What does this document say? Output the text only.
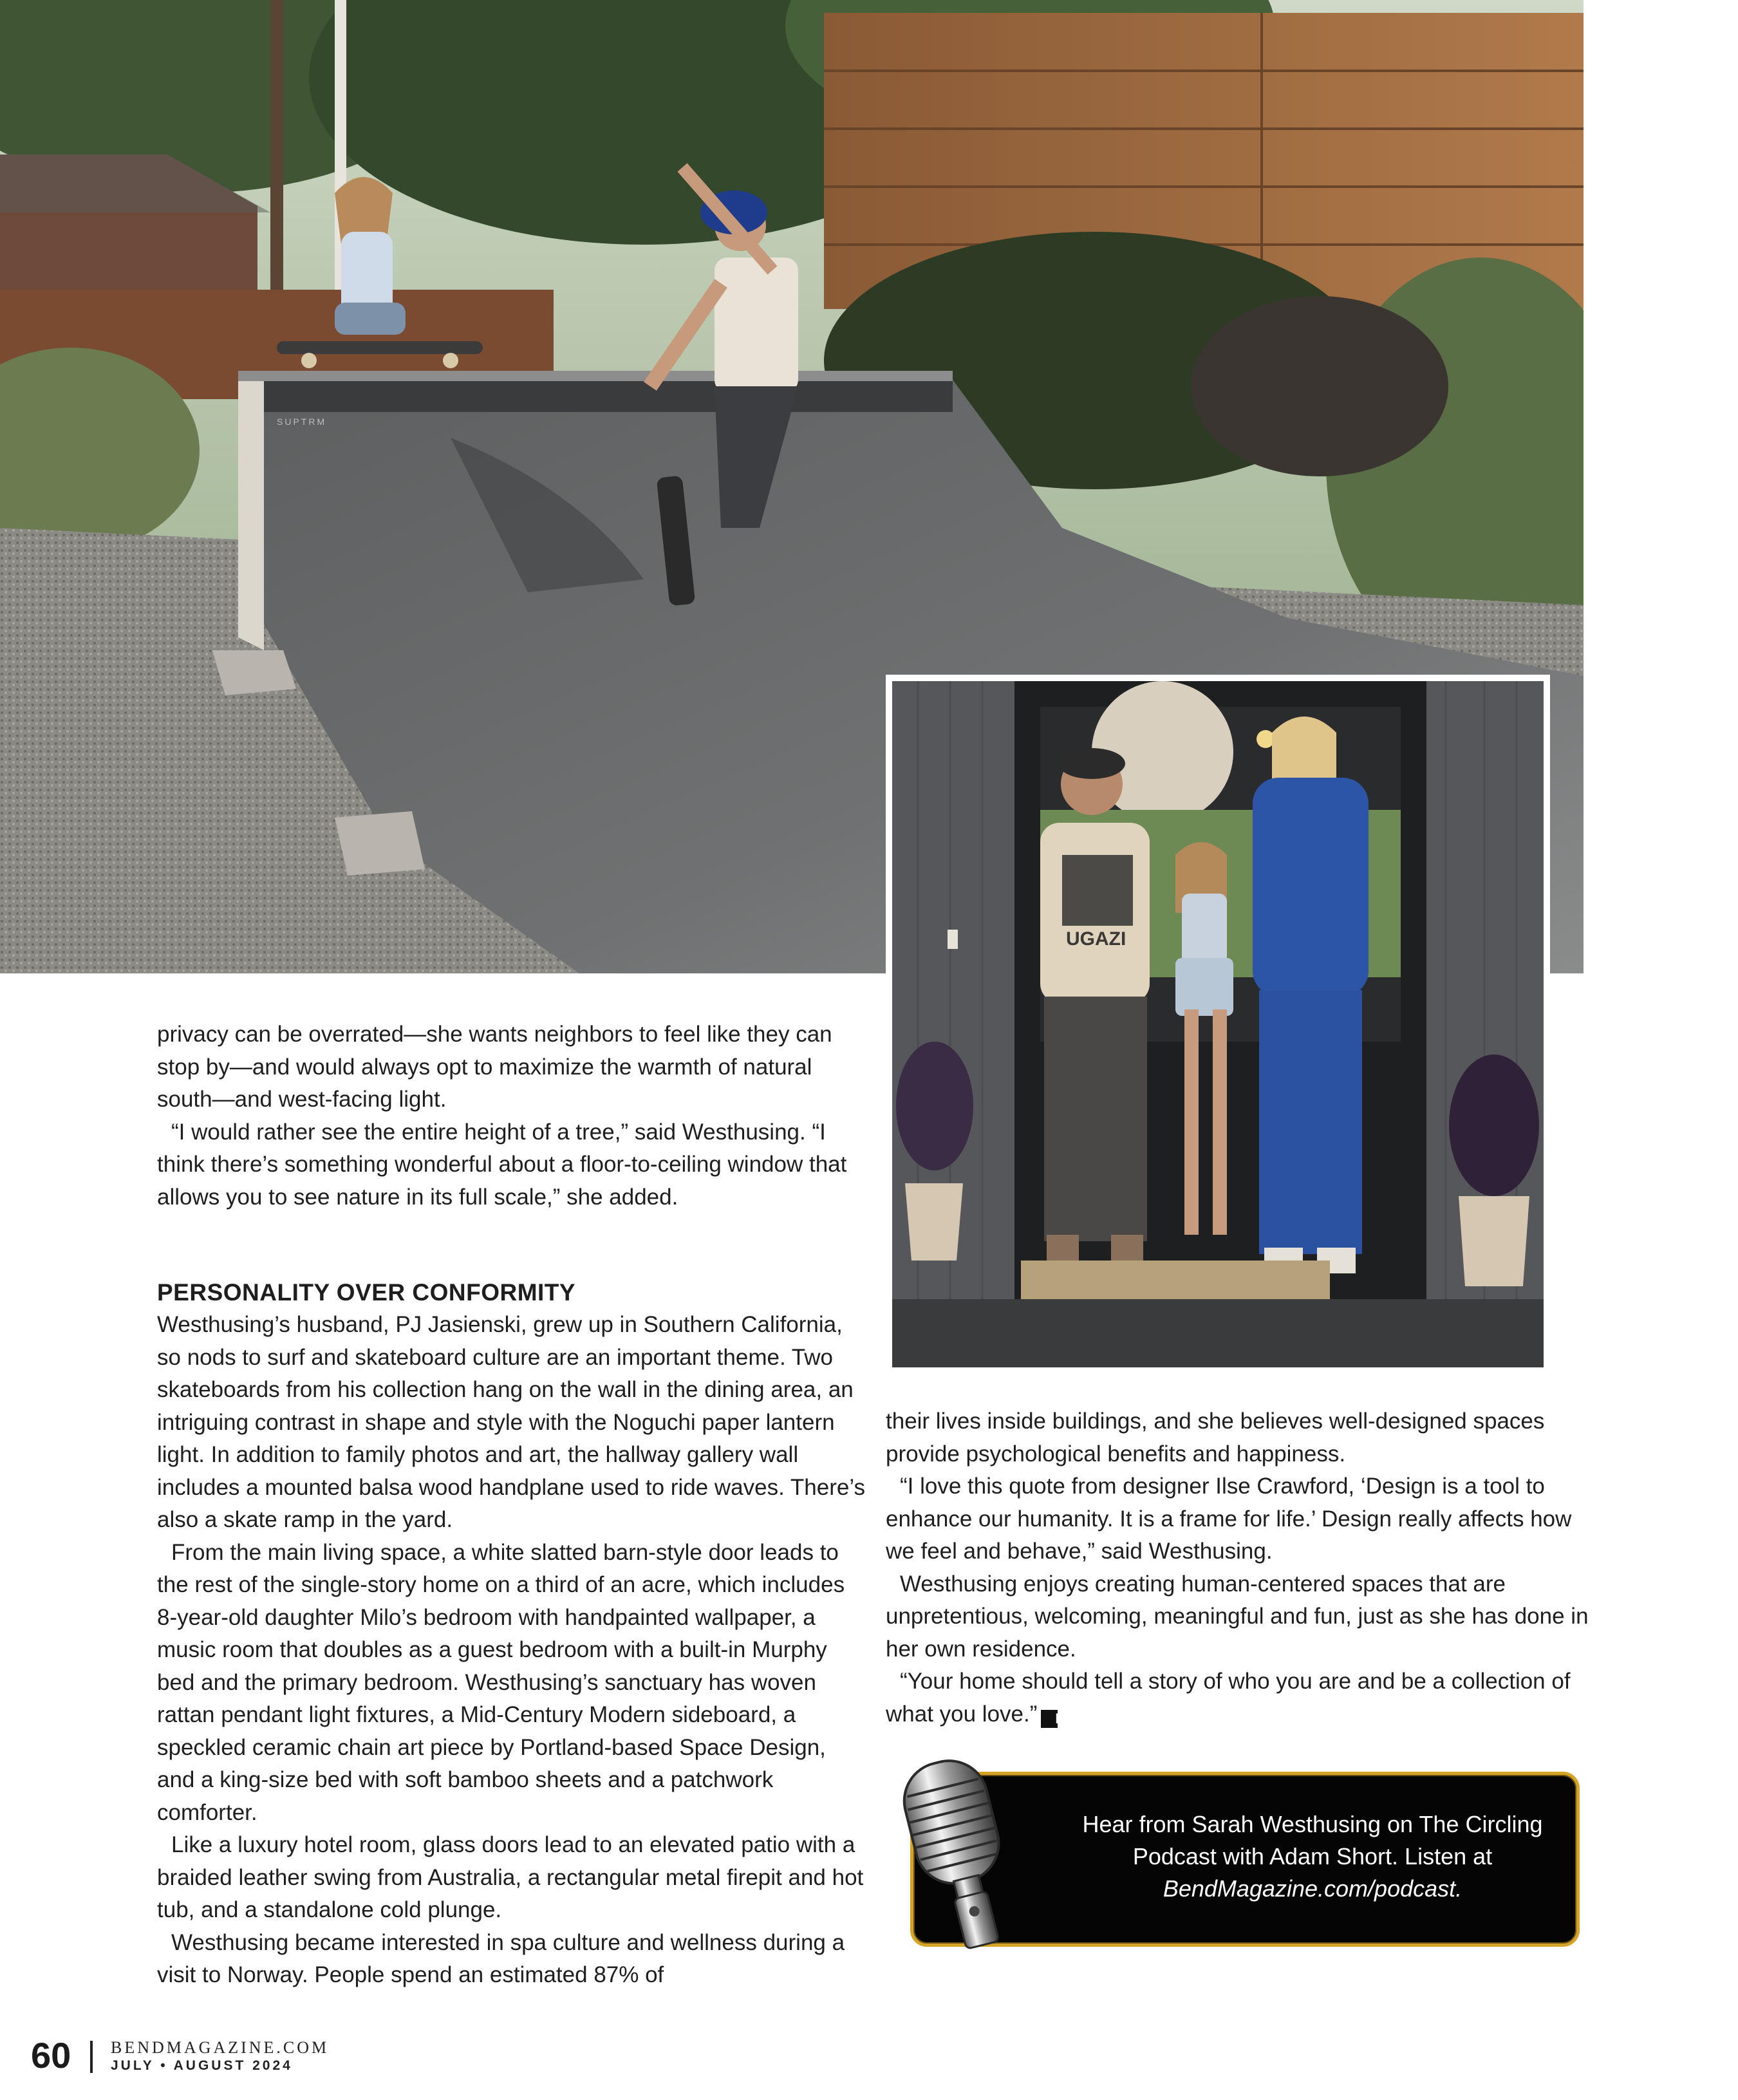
SUPTRM
UGAZI

privacy can be overrated—she wants neighbors to feel like they can stop by—and would always opt to maximize the warmth of natural south—and west-facing light.

“I would rather see the entire height of a tree,” said Westhusing. “I think there’s something wonderful about a floor-to-ceiling window that allows you to see nature in its full scale,” she added.

PERSONALITY OVER CONFORMITY

Westhusing’s husband, PJ Jasienski, grew up in Southern California, so nods to surf and skateboard culture are an important theme. Two skateboards from his collection hang on the wall in the dining area, an intriguing contrast in shape and style with the Noguchi paper lantern light. In addition to family photos and art, the hallway gallery wall includes a mounted balsa wood handplane used to ride waves. There’s also a skate ramp in the yard.

From the main living space, a white slatted barn-style door leads to the rest of the single-story home on a third of an acre, which includes 8-year-old daughter Milo’s bedroom with handpainted wallpaper, a music room that doubles as a guest bedroom with a built-in Murphy bed and the primary bedroom. Westhusing’s sanctuary has woven rattan pendant light fixtures, a Mid-Century Modern sideboard, a speckled ceramic chain art piece by Portland-based Space Design, and a king-size bed with soft bamboo sheets and a patchwork comforter.

Like a luxury hotel room, glass doors lead to an elevated patio with a braided leather swing from Australia, a rectangular metal firepit and hot tub, and a standalone cold plunge.

Westhusing became interested in spa culture and wellness during a visit to Norway. People spend an estimated 87% of

their lives inside buildings, and she believes well-designed spaces provide psychological benefits and happiness.

“I love this quote from designer Ilse Crawford, ‘Design is a tool to enhance our humanity. It is a frame for life.’ Design really affects how we feel and behave,” said Westhusing.

Westhusing enjoys creating human-centered spaces that are unpretentious, welcoming, meaningful and fun, just as she has done in her own residence.

“Your home should tell a story of who you are and be a collection of what you love.” B

Hear from Sarah Westhusing on The Circling Podcast with Adam Short. Listen at
BendMagazine.com/podcast.
60 BENDMAGAZINE.COM
JULY • AUGUST 2024
